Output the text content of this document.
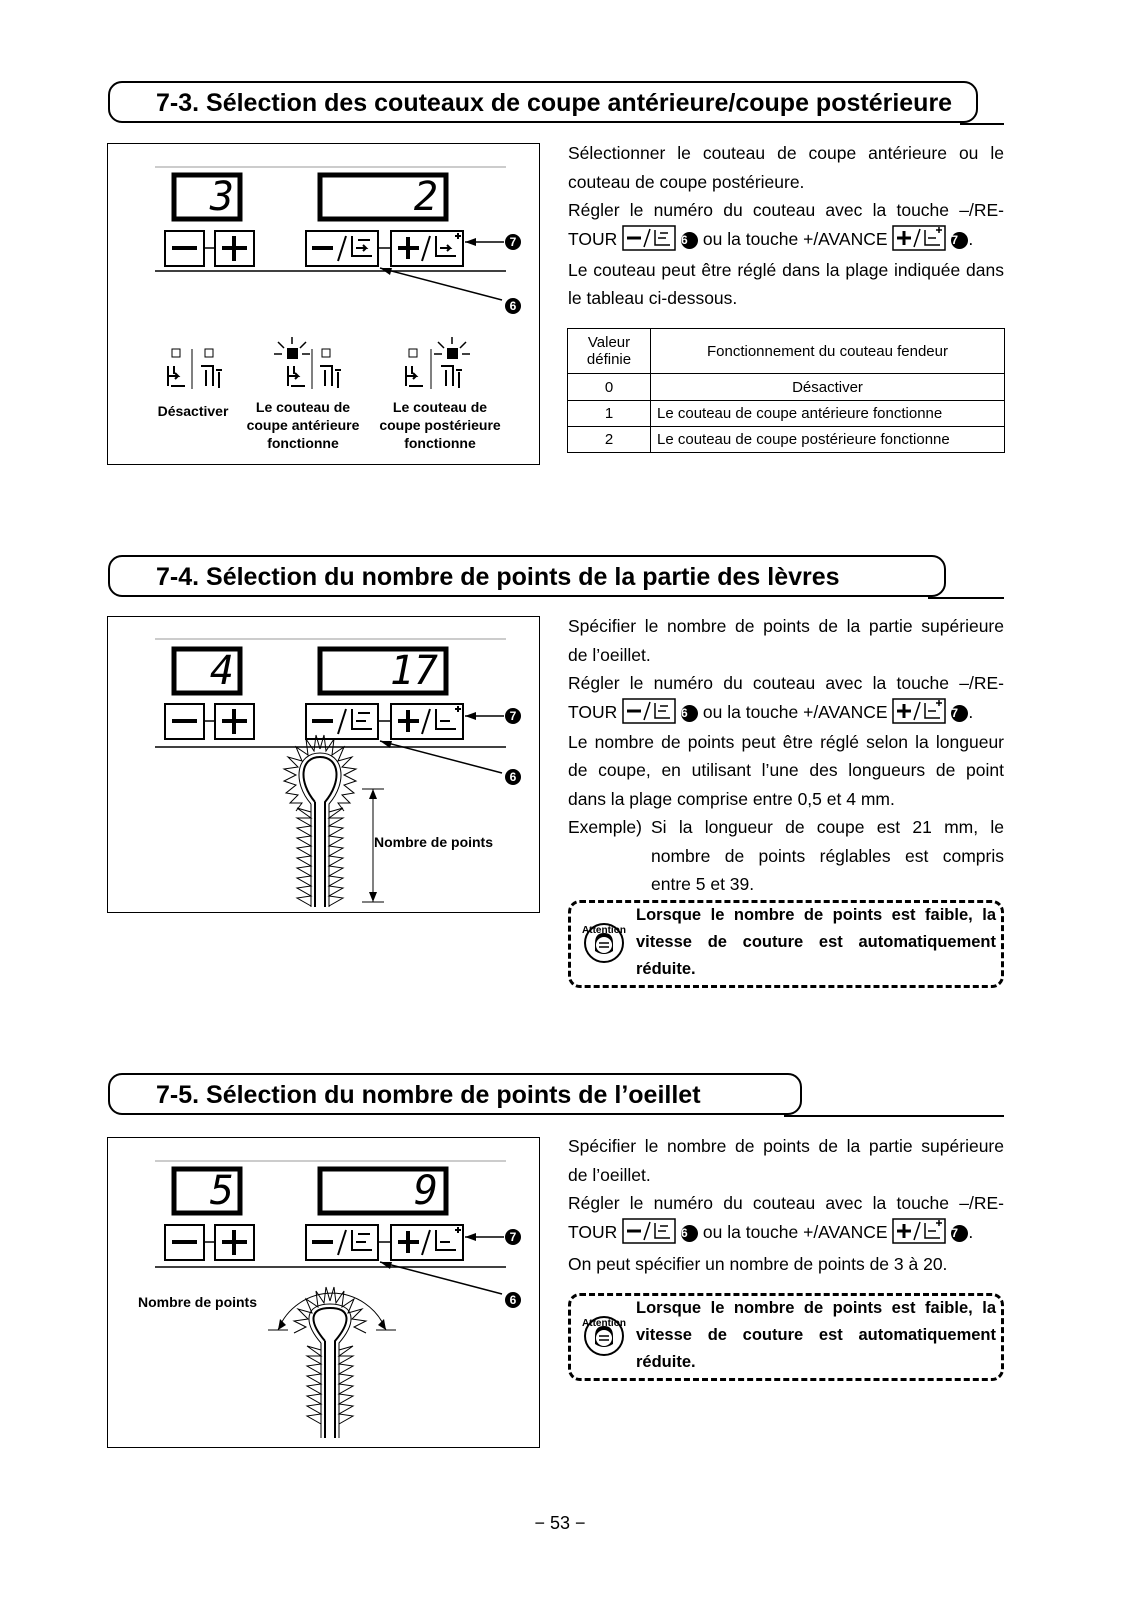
7-3. Sélection des couteaux de coupe antérieure/coupe postérieure
3	2
7
6
Désactiver	Le couteau de
coupe antérieure
fonctionne
Le couteau de
coupe postérieure
fonctionne
Sélectionner le couteau de coupe antérieure ou le
couteau de coupe postérieure.
Régler le numéro du couteau avec la touche –/RE-
TOUR	6 ou la touche +/AVANCE	7 .
Le couteau peut être réglé dans la plage indiquée dans
le tableau ci-dessous.
Valeur
définie	Fonctionnement du couteau fendeur
0	Désactiver
1	Le couteau de coupe antérieure fonctionne
2	Le couteau de coupe postérieure fonctionne
7-4. Sélection du nombre de points de la partie des lèvres
4	17
7
6
Nombre de points
Spécifier le nombre de points de la partie supérieure
de l’oeillet.
Régler le numéro du couteau avec la touche –/RE-
TOUR	6 ou la touche +/AVANCE	7 .
Le nombre de points peut être réglé selon la longueur
de coupe, en utilisant l’une des longueurs de point
dans la plage comprise entre 0,5 et 4 mm.
Exemple) Si la longueur de coupe est 21 mm, le
nombre de points réglables est compris
entre 5 et 39.
Attention
Lorsque le nombre de points est faible, la
vitesse de couture est automatiquement
réduite.
7-5. Sélection du nombre de points de l’oeillet
5	9
7
6
Nombre de points
Spécifier le nombre de points de la partie supérieure
de l’oeillet.
Régler le numéro du couteau avec la touche –/RE-
TOUR	6 ou la touche +/AVANCE	7 .
On peut spécifier un nombre de points de 3 à 20.
Attention
Lorsque le nombre de points est faible, la
vitesse de couture est automatiquement
réduite.
− 53 −
